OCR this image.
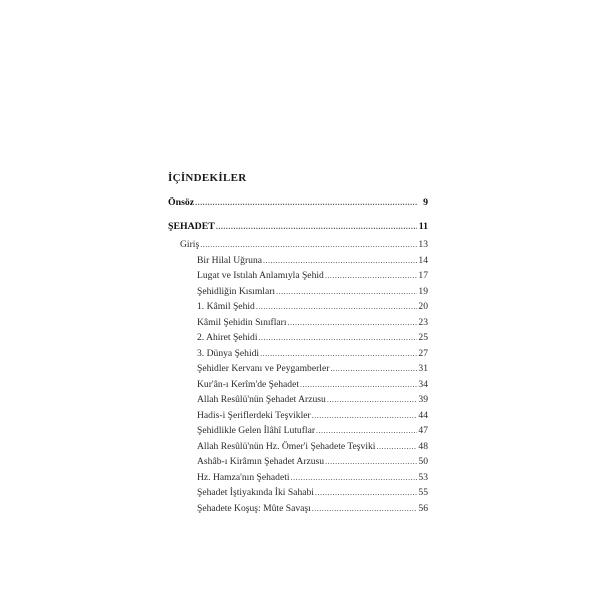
İÇİNDEKİLER
Önsöz .....	9
ŞEHADET .....	11
Giriş .....	13
Bir Hilal Uğruna .....	14
Lugat ve Istılah Anlamıyla Şehid .....	17
Şehidliğin Kısımları .....	19
1. Kâmil Şehid .....	20
Kâmil Şehidin Sınıfları .....	23
2. Ahiret Şehidi .....	25
3. Dünya Şehidi .....	27
Şehidler Kervanı ve Peygamberler .....	31
Kur'ân-ı Kerîm'de Şehadet .....	34
Allah Resûlü'nün Şehadet Arzusu .....	39
Hadis-i Şeriflerdeki Teşvikler .....	44
Şehidlikle Gelen İlâhî Lutuflar .....	47
Allah Resûlü'nün Hz. Ömer'i Şehadete Teşviki .....	48
Ashâb-ı Kirâmın Şehadet Arzusu .....	50
Hz. Hamza'nın Şehadeti .....	53
Şehadet İştiyakında İki Sahabi .....	55
Şehadete Koşuş: Mûte Savaşı .....	56
